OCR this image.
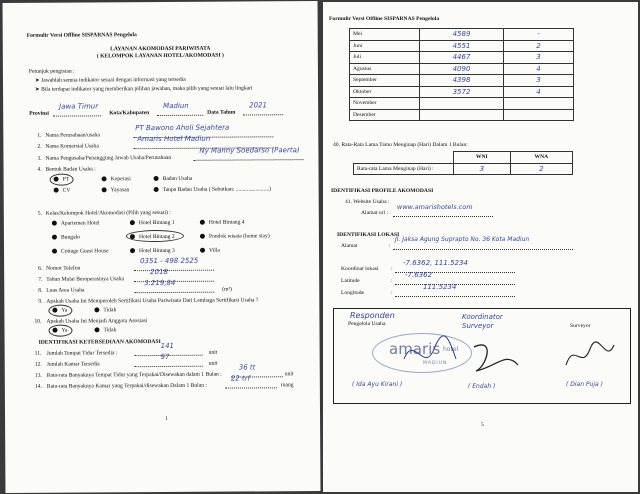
Formulir Versi Offline SISPARNAS Pengelola
LAYANAN AKOMODASI PARIWISATA
( KELOMPOK LAYANAN HOTEL/AKOMODASI )
Petunjuk pengisian :
➤ Jawablah semua indikator sesuai dengan informasi yang tersedia
➤ Bila terdapat indikator yang memberikan pilihan jawaban, maka pilih yang sesuai lalu lingkari
Provinsi
Jawa Timur
Kota/Kabupaten
Madiun
Data Tahun
2021
1. Nama Perusahaan/usaha
PT Bawono Aholi Sejahtera
2. Nama Komersial Usaha
Amaris Hotel Madiun
3. Nama Pengusaha/Penanggung Jawab Usaha/Perusahaan
Ny Manny Soedarso (Paerta)
4. Bentuk Badan Usaha :
PT	Koperasi	Badan Usaha
CV	Yayasan	Tanpa Badan Usaha ( Sebutkan: ........................)
5. Kelas/Kelompok Hotel/Akomodasi (Pilih yang sesuai) :
Apartemen Hotel	Hotel Bintang 1	Hotel Bintang 4
Bungalo	Hotel Bintang 2	Pondok wisata (home stay)
Cottage Guest House	Hotel Bintang 3	Villa
6. Nomor Telefon
0351 - 498 2525
7. Tahun Mulai Beroperasinya Usaha
2018
8. Luas Area Usaha
3.219,84
(m²)
9. Apakah Usaha Ini Memperoleh Sertifikasi Usaha Pariwisata Dari Lembaga Sertifikasi Usaha ?
Ya	Tidak
10. Apakah Usaha Ini Menjadi Anggota Asosiasi
Ya	Tidak
IDENTIFIKASI KETERSEDIAAN AKOMODASI
11. Jumlah Tempat Tidur Tersedia :
141
unit
12. Jumlah Kamar Tersedia
97
unit
13. Rata-rata Banyaknya Tempat Tidur yang Terpakai/Disewakan dalam 1 Bulan :
36 tt
unit
14. Rata-rata Banyaknya Kamar yang Terpakai/disewakan Dalam 1 Bulan :
22 trf
ruang
1
Formulir Versi Offline SISPARNAS Pengelola
Mei	4589	-
Juni	4551	2
Juli	4467	3
Agustus	4090	4
September	4398	3
Oktober	3572	4
November		
Desember		
40. Rata-Rata Lama Tamu Menginap (Hari) Dalam 1 Bulan:
	WNI	WNA
Rata-rata Lama Menginap (Hari) :	3	2
IDENTIFIKASI PROFILE AKOMODASI
41. Website Usaha :
Alamat url :
www.amarishotels.com
IDENTIFIKASI LOKASI
Alamat	:
Jl. Jaksa Agung Suprapto No. 36 Kota Madiun
Koordinat lokasi :
-7.6362, 111.5234
Latitude	:
-7.6362
Longitude	:
111.5234
Responden
Pengelola Usaha
Koordinator Surveyor	Surveyor
amaris hotel
MADIUN
( Ida Ayu Kirani )	( Endah )	( Dian Puja )
5
